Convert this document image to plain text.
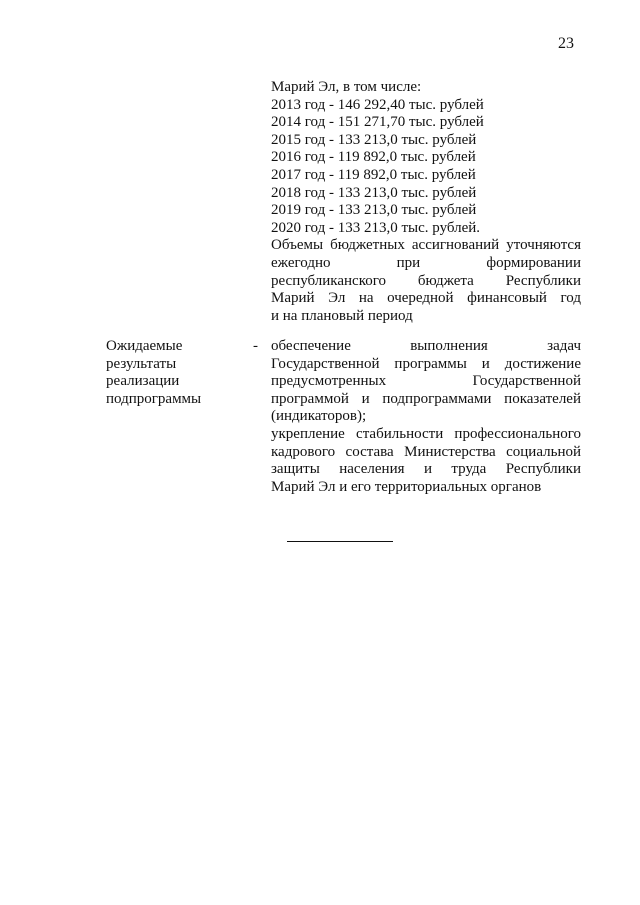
23
Марий Эл, в том числе:
2013 год - 146 292,40 тыс. рублей
2014 год - 151 271,70 тыс. рублей
2015 год - 133 213,0 тыс. рублей
2016 год - 119 892,0 тыс. рублей
2017 год - 119 892,0 тыс. рублей
2018 год - 133 213,0 тыс. рублей
2019 год - 133 213,0 тыс. рублей
2020 год - 133 213,0 тыс. рублей.
Объемы бюджетных ассигнований уточняются
ежегодно при формировании
республиканского бюджета Республики
Марий Эл на очередной финансовый год
и на плановый период
Ожидаемые
результаты
реализации
подпрограммы
- обеспечение выполнения задач
Государственной программы и достижение
предусмотренных Государственной
программой и подпрограммами показателей
(индикаторов);
укрепление стабильности профессионального
кадрового состава Министерства социальной
защиты населения и труда Республики
Марий Эл и его территориальных органов
